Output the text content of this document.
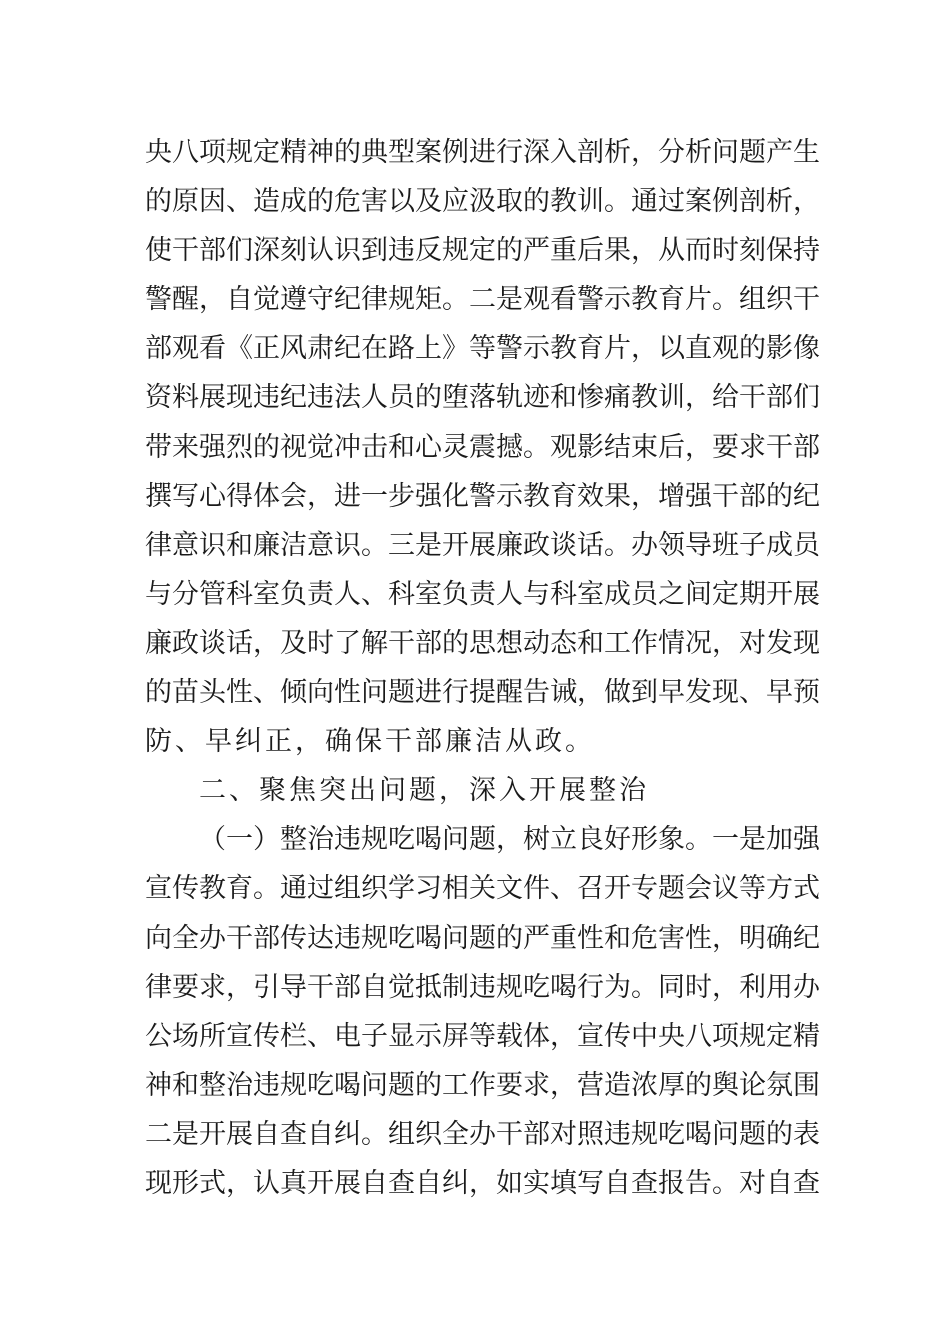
央八项规定精神的典型案例进行深入剖析，分析问题产生
的原因、造成的危害以及应汲取的教训。通过案例剖析，
使干部们深刻认识到违反规定的严重后果，从而时刻保持
警醒，自觉遵守纪律规矩。二是观看警示教育片。组织干
部观看《正风肃纪在路上》等警示教育片，以直观的影像
资料展现违纪违法人员的堕落轨迹和惨痛教训，给干部们
带来强烈的视觉冲击和心灵震撼。观影结束后，要求干部
撰写心得体会，进一步强化警示教育效果，增强干部的纪
律意识和廉洁意识。三是开展廉政谈话。办领导班子成员
与分管科室负责人、科室负责人与科室成员之间定期开展
廉政谈话，及时了解干部的思想动态和工作情况，对发现
的苗头性、倾向性问题进行提醒告诫，做到早发现、早预
防、早纠正，确保干部廉洁从政。
二、聚焦突出问题，深入开展整治
（一）整治违规吃喝问题，树立良好形象。一是加强
宣传教育。通过组织学习相关文件、召开专题会议等方式
向全办干部传达违规吃喝问题的严重性和危害性，明确纪
律要求，引导干部自觉抵制违规吃喝行为。同时，利用办
公场所宣传栏、电子显示屏等载体，宣传中央八项规定精
神和整治违规吃喝问题的工作要求，营造浓厚的舆论氛围
二是开展自查自纠。组织全办干部对照违规吃喝问题的表
现形式，认真开展自查自纠，如实填写自查报告。对自查
